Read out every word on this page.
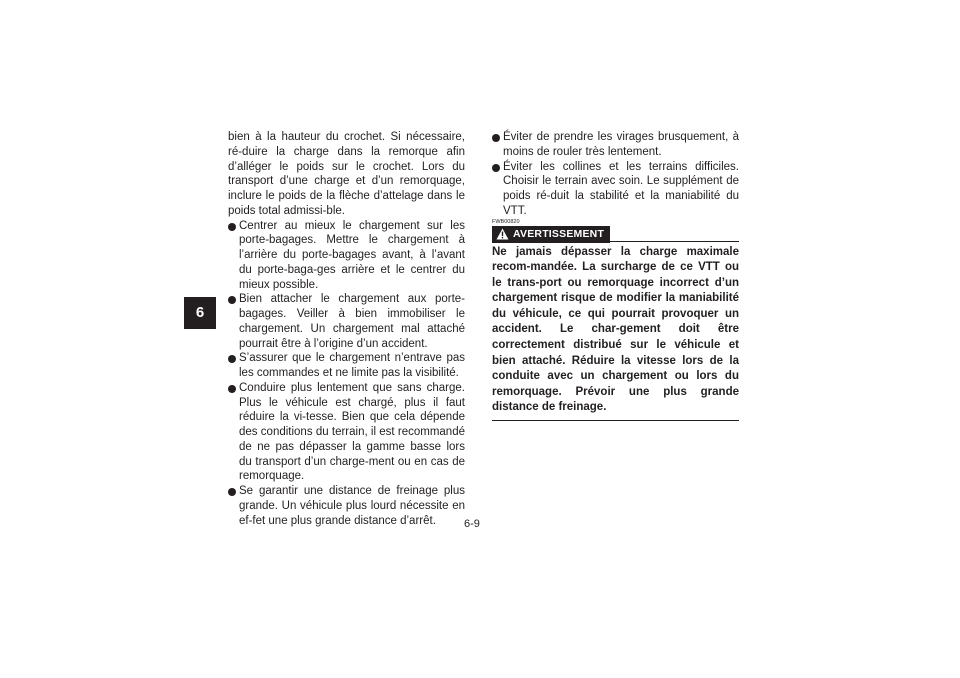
6

bien à la hauteur du crochet. Si nécessaire, ré-duire la charge dans la remorque afin d’alléger le poids sur le crochet. Lors du transport d’une charge et d’un remorquage, inclure le poids de la flèche d’attelage dans le poids total admissi-ble.

Centrer au mieux le chargement sur les porte-bagages. Mettre le chargement à l’arrière du porte-bagages avant, à l’avant du porte-baga-ges arrière et le centrer du mieux possible.

Bien attacher le chargement aux porte-bagages. Veiller à bien immobiliser le chargement. Un chargement mal attaché pourrait être à l’origine d’un accident.

S’assurer que le chargement n’entrave pas les commandes et ne limite pas la visibilité.

Conduire plus lentement que sans charge. Plus le véhicule est chargé, plus il faut réduire la vi-tesse. Bien que cela dépende des conditions du terrain, il est recommandé de ne pas dépasser la gamme basse lors du transport d’un charge-ment ou en cas de remorquage.

Se garantir une distance de freinage plus grande. Un véhicule plus lourd nécessite en ef-fet une plus grande distance d’arrêt.

Éviter de prendre les virages brusquement, à moins de rouler très lentement.

Éviter les collines et les terrains difficiles. Choisir le terrain avec soin. Le supplément de poids ré-duit la stabilité et la maniabilité du VTT.

FWB00820
AVERTISSEMENT

Ne jamais dépasser la charge maximale recom-mandée. La surcharge de ce VTT ou le trans-port ou remorquage incorrect d’un chargement risque de modifier la maniabilité du véhicule, ce qui pourrait provoquer un accident. Le char-gement doit être correctement distribué sur le véhicule et bien attaché. Réduire la vitesse lors de la conduite avec un chargement ou lors du remorquage. Prévoir une plus grande distance de freinage.

6-9
